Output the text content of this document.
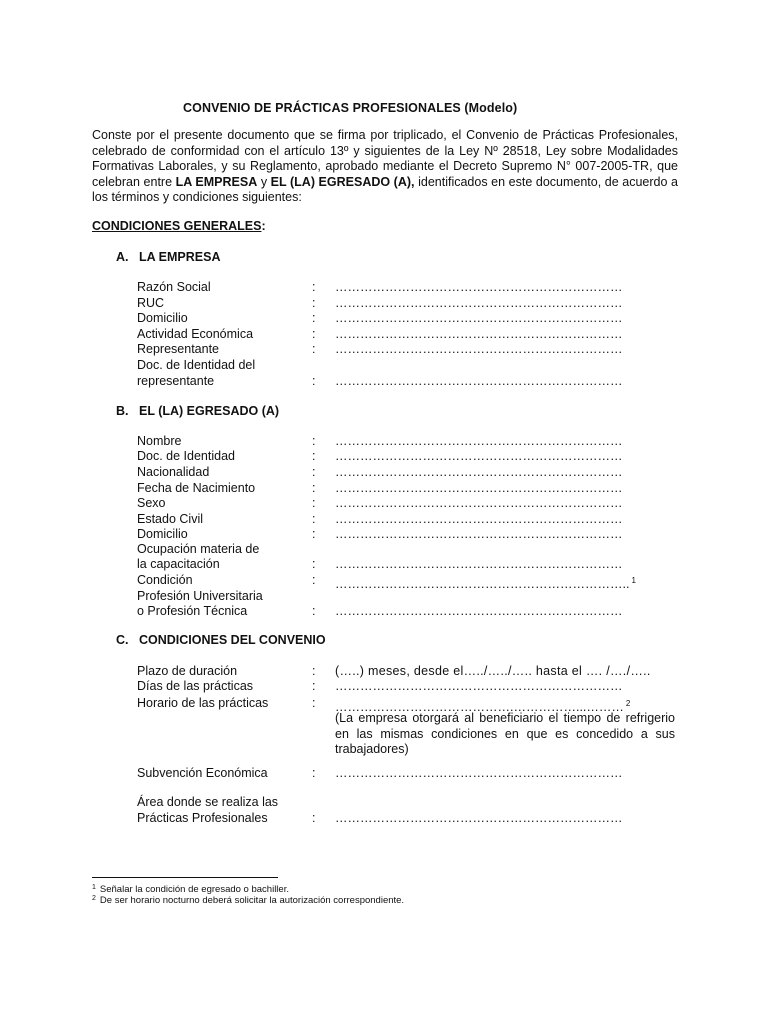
CONVENIO DE PRÁCTICAS PROFESIONALES (Modelo)
Conste por el presente documento que se firma por triplicado, el Convenio de Prácticas Profesionales, celebrado de conformidad con el artículo 13º y siguientes de la Ley Nº 28518, Ley sobre Modalidades Formativas Laborales, y su Reglamento, aprobado mediante el Decreto Supremo N° 007-2005-TR, que celebran entre LA EMPRESA y EL (LA) EGRESADO (A), identificados en este documento, de acuerdo a los términos y condiciones siguientes:
CONDICIONES GENERALES:
A. LA EMPRESA
Razón Social	: ……………………………………………………………
RUC	: ……………………………………………………………
Domicilio	: ……………………………………………………………
Actividad Económica	: ……………………………………………………………
Representante	: ……………………………………………………………
Doc. de Identidad del
representante	: ……………………………………………………………
B. EL (LA) EGRESADO (A)
Nombre	: ……………………………………………………………
Doc. de Identidad	: ……………………………………………………………
Nacionalidad	: ……………………………………………………………
Fecha de Nacimiento	: ……………………………………………………………
Sexo	: ……………………………………………………………
Estado Civil	: ……………………………………………………………
Domicilio	: ……………………………………………………………
Ocupación materia de
la capacitación	: ……………………………………………………………
Condición	: …………………………………………………………….. $^1$
Profesión Universitaria
o Profesión Técnica	: ……………………………………………………………
C. CONDICIONES DEL CONVENIO
Plazo de duración	: (…..) meses, desde el…../…../….. hasta el …. /…./…..
Días de las prácticas	: ……………………………………………………………
Horario de las prácticas	: …………………………………….……………...……… $^2$
(La empresa otorgará al beneficiario el tiempo de refrigerio en las mismas condiciones en que es concedido a sus trabajadores)
Subvención Económica	: ……………………………………………………………
Área donde se realiza las
Prácticas Profesionales	: ……………………………………………………………
$^1$ Señalar la condición de egresado o bachiller.
$^2$ De ser horario nocturno deberá solicitar la autorización correspondiente.
